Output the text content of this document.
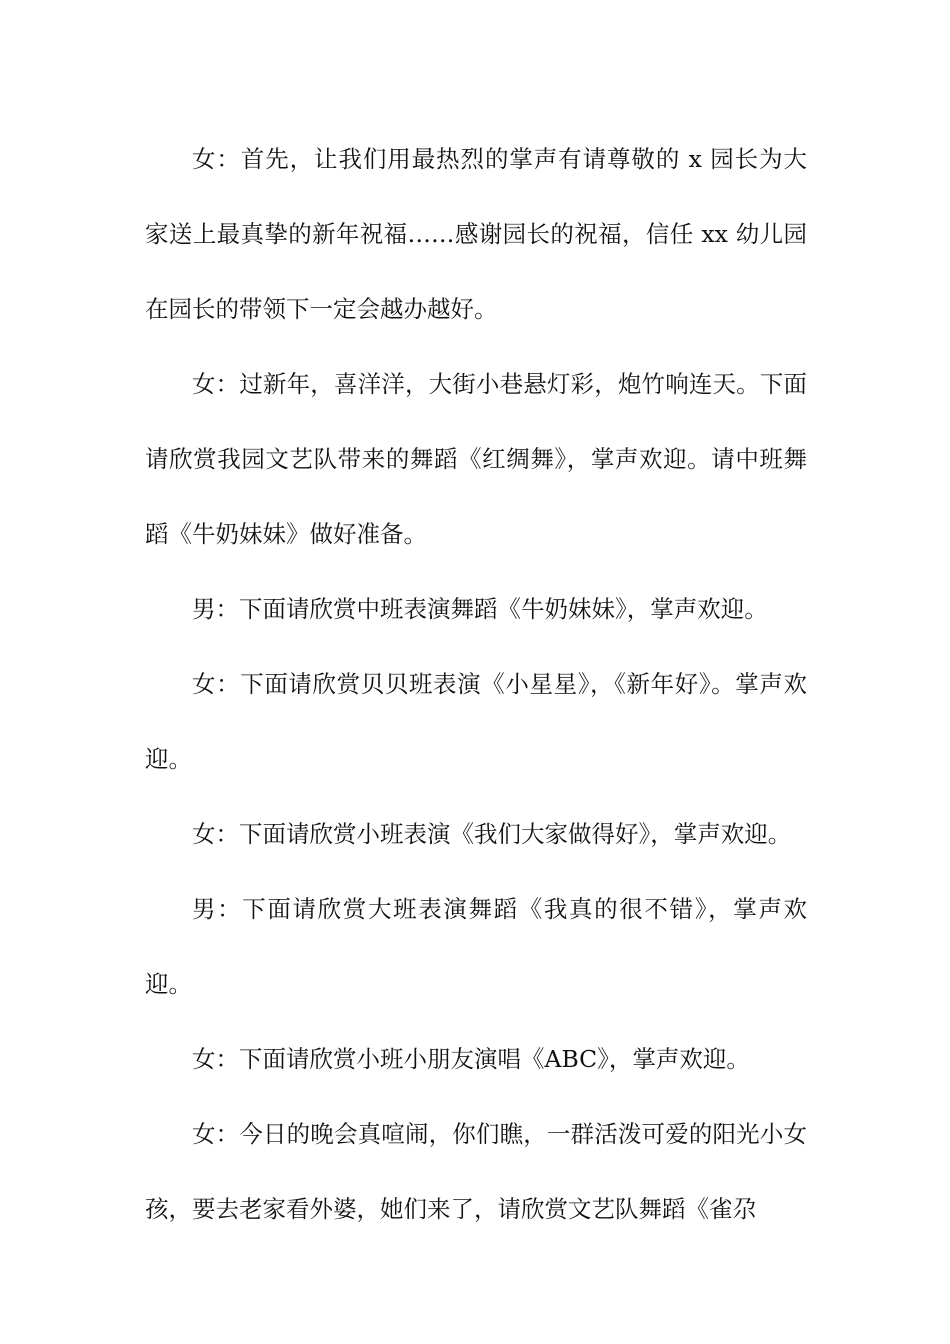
女：首先，让我们用最热烈的掌声有请尊敬的 x 园长为大家送上最真挚的新年祝福……感谢园长的祝福，信任 xx 幼儿园在园长的带领下一定会越办越好。

女：过新年，喜洋洋，大街小巷悬灯彩，炮竹响连天。下面请欣赏我园文艺队带来的舞蹈《红绸舞》，掌声欢迎。请中班舞蹈《牛奶妹妹》做好准备。

男：下面请欣赏中班表演舞蹈《牛奶妹妹》，掌声欢迎。

女：下面请欣赏贝贝班表演《小星星》，《新年好》。掌声欢迎。

女：下面请欣赏小班表演《我们大家做得好》，掌声欢迎。

男：下面请欣赏大班表演舞蹈《我真的很不错》，掌声欢迎。

女：下面请欣赏小班小朋友演唱《ABC》，掌声欢迎。

女：今日的晚会真喧闹，你们瞧，一群活泼可爱的阳光小女孩，要去老家看外婆，她们来了，请欣赏文艺队舞蹈《雀尕
